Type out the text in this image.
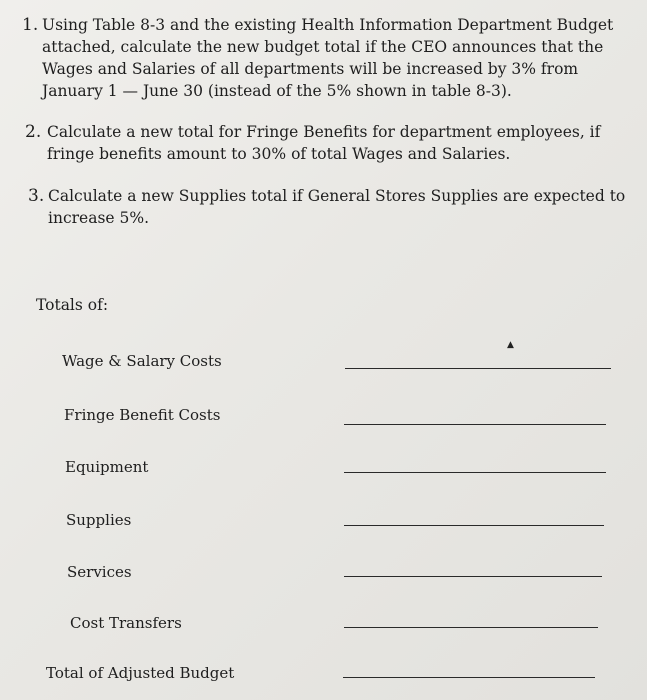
1. Using Table 8-3 and the existing Health Information Department Budget attached, calculate the new budget total if the CEO announces that the Wages and Salaries of all departments will be increased by 3% from January 1 — June 30 (instead of the 5% shown in table 8-3).
2. Calculate a new total for Fringe Benefits for department employees, if fringe benefits amount to 30% of total Wages and Salaries.
3. Calculate a new Supplies total if General Stores Supplies are expected to increase 5%.
Totals of:
Wage & Salary Costs
▲
Fringe Benefit Costs
Equipment
Supplies
Services
Cost Transfers
Total of Adjusted Budget
